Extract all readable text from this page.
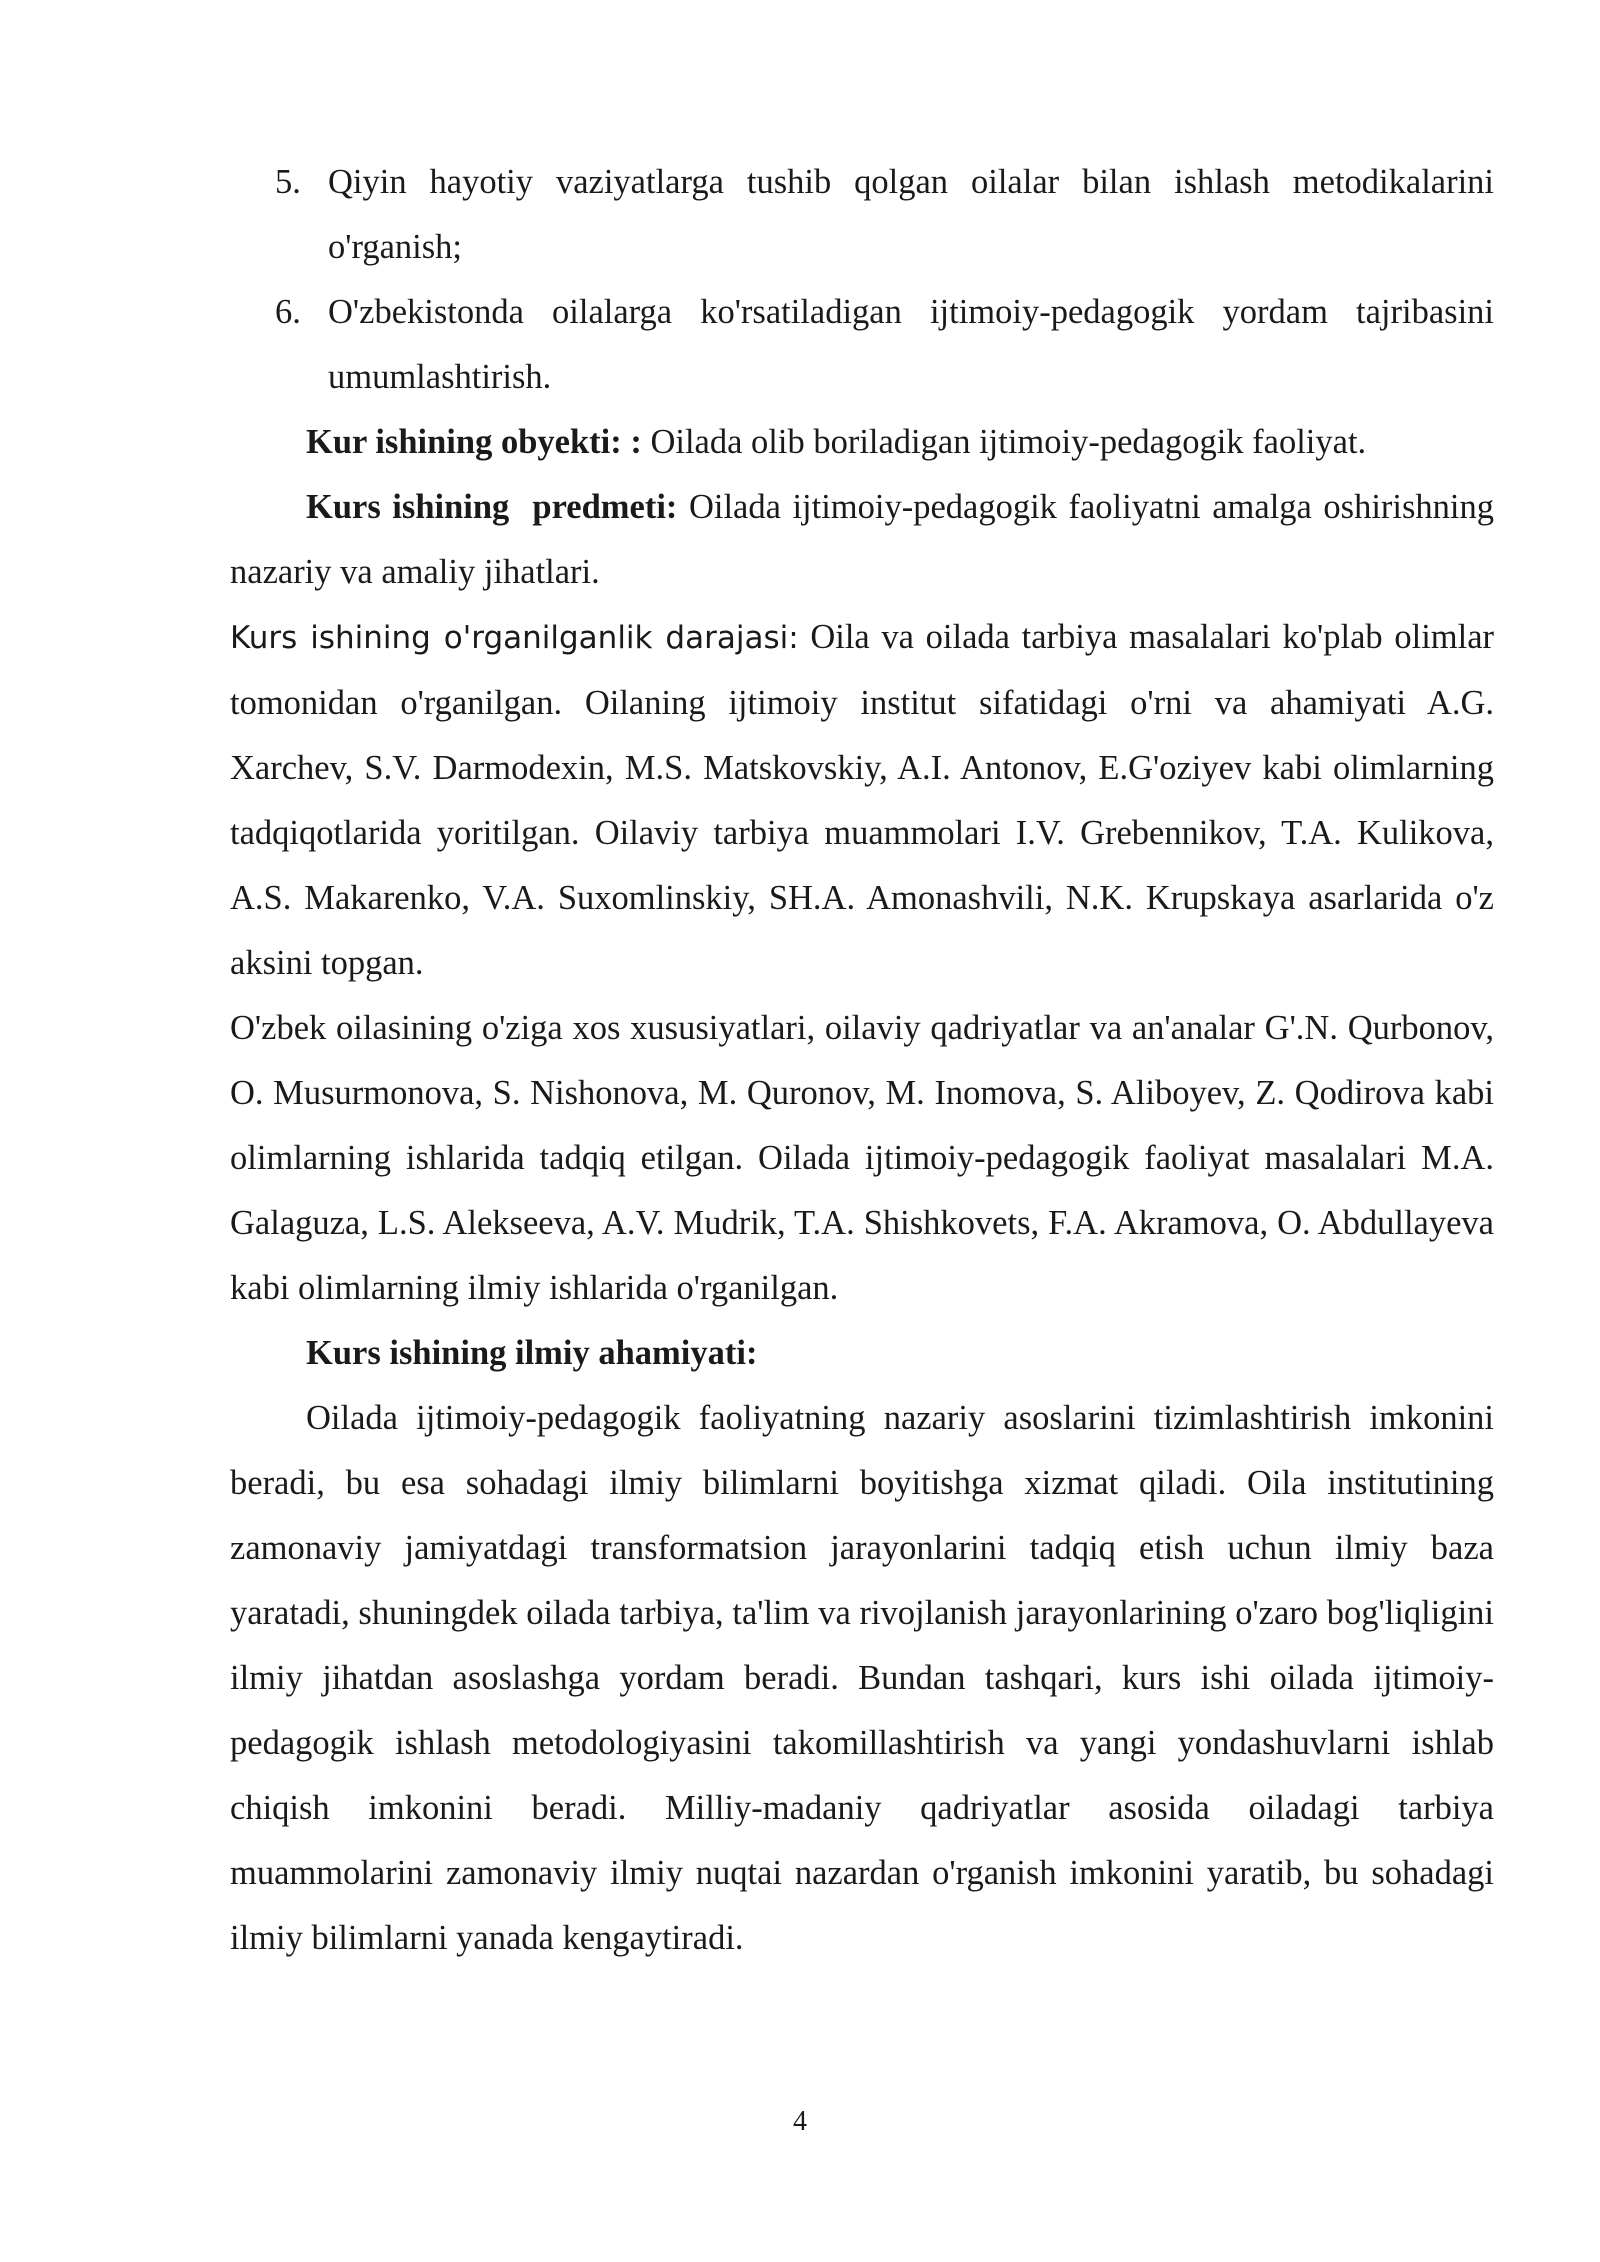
5. Qiyin hayotiy vaziyatlarga tushib qolgan oilalar bilan ishlash metodikalarini o'rganish;
6. O'zbekistonda oilalarga ko'rsatiladigan ijtimoiy-pedagogik yordam tajribasini umumlashtirish.

Kur ishining obyekti: : Oilada olib boriladigan ijtimoiy-pedagogik faoliyat.

Kurs ishining  predmeti: Oilada ijtimoiy-pedagogik faoliyatni amalga oshirishning nazariy va amaliy jihatlari.

Kurs ishining o'rganilganlik darajasi: Oila va oilada tarbiya masalalari ko'plab olimlar tomonidan o'rganilgan. Oilaning ijtimoiy institut sifatidagi o'rni va ahamiyati A.G. Xarchev, S.V. Darmodexin, M.S. Matskovskiy, A.I. Antonov, E.G'oziyev kabi olimlarning tadqiqotlarida yoritilgan. Oilaviy tarbiya muammolari I.V. Grebennikov, T.A. Kulikova, A.S. Makarenko, V.A. Suxomlinskiy, SH.A. Amonashvili, N.K. Krupskaya asarlarida o'z aksini topgan.

O'zbek oilasining o'ziga xos xususiyatlari, oilaviy qadriyatlar va an'analar G'.N. Qurbonov, O. Musurmonova, S. Nishonova, M. Quronov, M. Inomova, S. Aliboyev, Z. Qodirova kabi olimlarning ishlarida tadqiq etilgan. Oilada ijtimoiy-pedagogik faoliyat masalalari M.A. Galaguza, L.S. Alekseeva, A.V. Mudrik, T.A. Shishkovets, F.A. Akramova, O. Abdullayeva kabi olimlarning ilmiy ishlarida o'rganilgan.

Kurs ishining ilmiy ahamiyati:

Oilada ijtimoiy-pedagogik faoliyatning nazariy asoslarini tizimlashtirish imkonini beradi, bu esa sohadagi ilmiy bilimlarni boyitishga xizmat qiladi. Oila institutining zamonaviy jamiyatdagi transformatsion jarayonlarini tadqiq etish uchun ilmiy baza yaratadi, shuningdek oilada tarbiya, ta'lim va rivojlanish jarayonlarining o'zaro bog'liqligini ilmiy jihatdan asoslashga yordam beradi. Bundan tashqari, kurs ishi oilada ijtimoiy-pedagogik ishlash metodologiyasini takomillashtirish va yangi yondashuvlarni ishlab chiqish imkonini beradi. Milliy-madaniy qadriyatlar asosida oiladagi tarbiya muammolarini zamonaviy ilmiy nuqtai nazardan o'rganish imkonini yaratib, bu sohadagi ilmiy bilimlarni yanada kengaytiradi.

4
